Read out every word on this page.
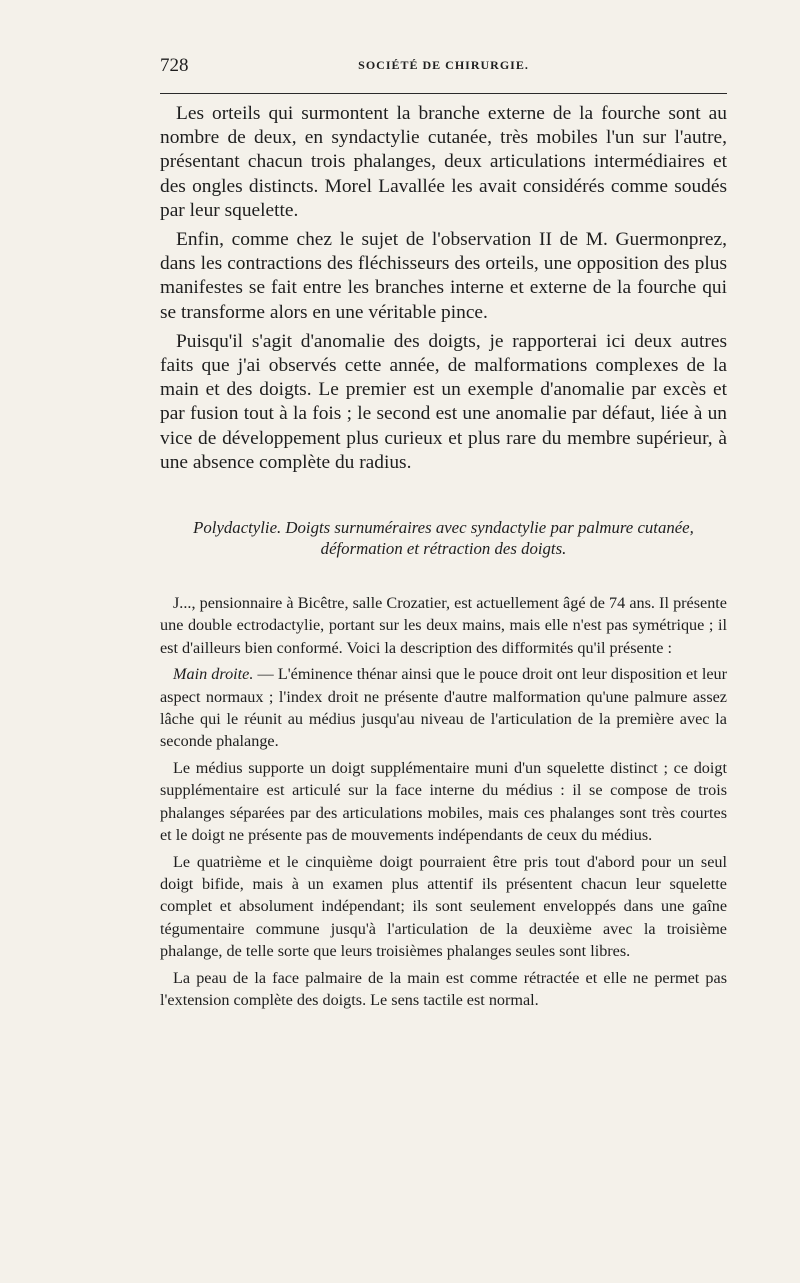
728	SOCIÉTÉ DE CHIRURGIE.

Les orteils qui surmontent la branche externe de la fourche sont au nombre de deux, en syndactylie cutanée, très mobiles l'un sur l'autre, présentant chacun trois phalanges, deux articulations intermédiaires et des ongles distincts. Morel Lavallée les avait considérés comme soudés par leur squelette.

Enfin, comme chez le sujet de l'observation II de M. Guermonprez, dans les contractions des fléchisseurs des orteils, une opposition des plus manifestes se fait entre les branches interne et externe de la fourche qui se transforme alors en une véritable pince.

Puisqu'il s'agit d'anomalie des doigts, je rapporterai ici deux autres faits que j'ai observés cette année, de malformations complexes de la main et des doigts. Le premier est un exemple d'anomalie par excès et par fusion tout à la fois ; le second est une anomalie par défaut, liée à un vice de développement plus curieux et plus rare du membre supérieur, à une absence complète du radius.

Polydactylie. Doigts surnuméraires avec syndactylie par palmure cutanée, déformation et rétraction des doigts.

J..., pensionnaire à Bicêtre, salle Crozatier, est actuellement âgé de 74 ans. Il présente une double ectrodactylie, portant sur les deux mains, mais elle n'est pas symétrique ; il est d'ailleurs bien conformé. Voici la description des difformités qu'il présente :

Main droite. — L'éminence thénar ainsi que le pouce droit ont leur disposition et leur aspect normaux ; l'index droit ne présente d'autre malformation qu'une palmure assez lâche qui le réunit au médius jusqu'au niveau de l'articulation de la première avec la seconde phalange.

Le médius supporte un doigt supplémentaire muni d'un squelette distinct ; ce doigt supplémentaire est articulé sur la face interne du médius : il se compose de trois phalanges séparées par des articulations mobiles, mais ces phalanges sont très courtes et le doigt ne présente pas de mouvements indépendants de ceux du médius.

Le quatrième et le cinquième doigt pourraient être pris tout d'abord pour un seul doigt bifide, mais à un examen plus attentif ils présentent chacun leur squelette complet et absolument indépendant; ils sont seulement enveloppés dans une gaîne tégumentaire commune jusqu'à l'articulation de la deuxième avec la troisième phalange, de telle sorte que leurs troisièmes phalanges seules sont libres.

La peau de la face palmaire de la main est comme rétractée et elle ne permet pas l'extension complète des doigts. Le sens tactile est normal.
